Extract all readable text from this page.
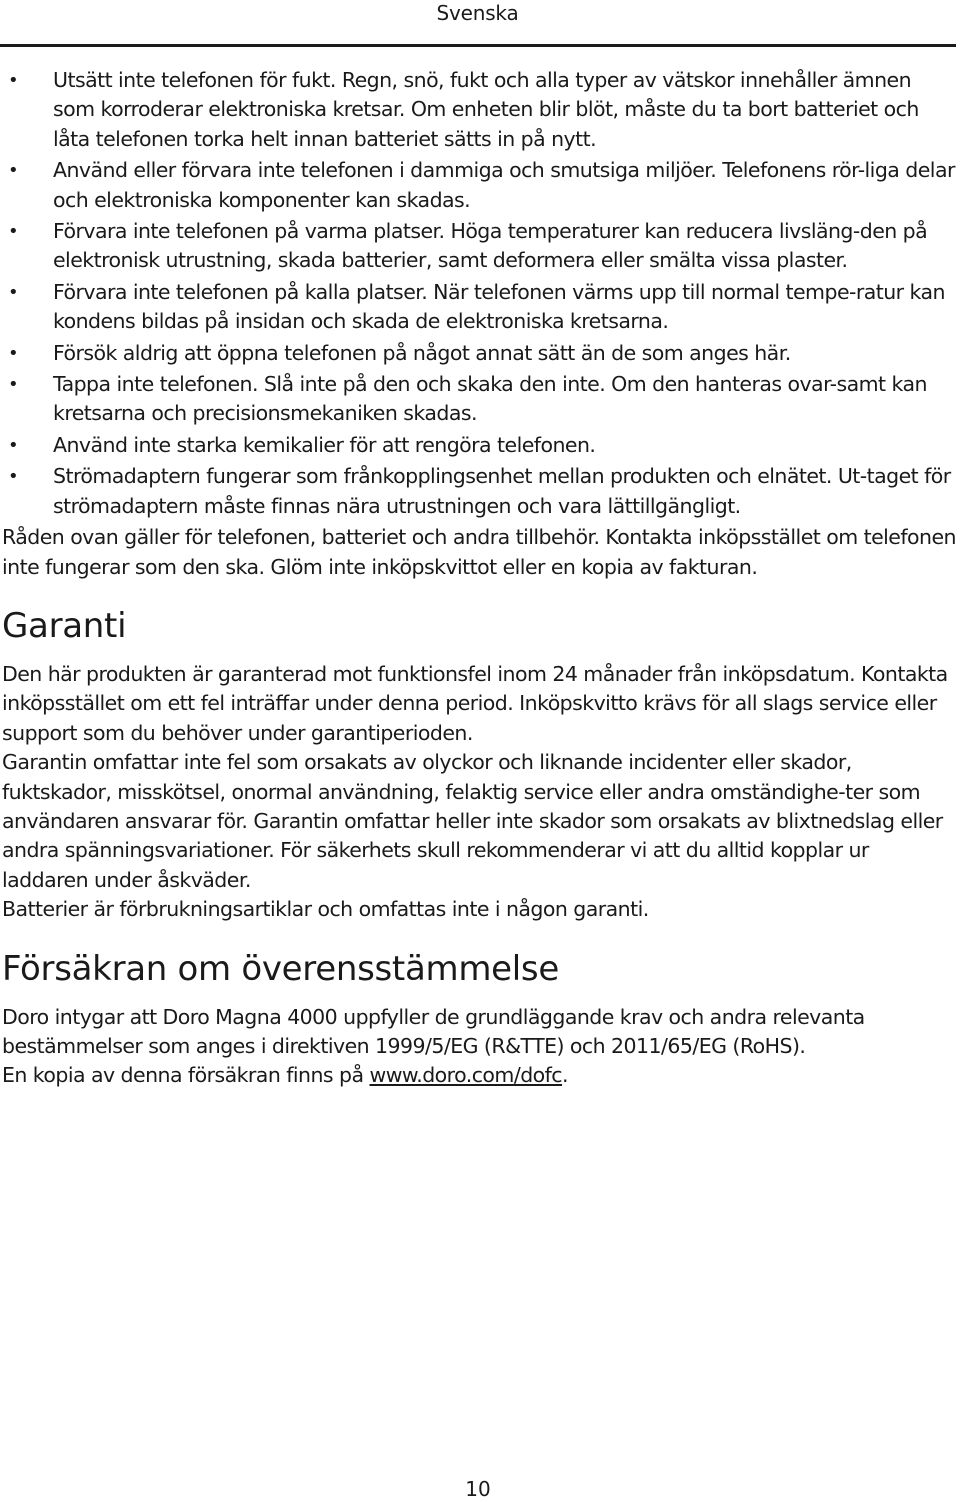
Svenska
• Utsätt inte telefonen för fukt. Regn, snö, fukt och alla typer av vätskor innehåller ämnen som korroderar elektroniska kretsar. Om enheten blir blöt, måste du ta bort batteriet och låta telefonen torka helt innan batteriet sätts in på nytt.
• Använd eller förvara inte telefonen i dammiga och smutsiga miljöer. Telefonens rör-liga delar och elektroniska komponenter kan skadas.
• Förvara inte telefonen på varma platser. Höga temperaturer kan reducera livsläng-den på elektronisk utrustning, skada batterier, samt deformera eller smälta vissa plaster.
• Förvara inte telefonen på kalla platser. När telefonen värms upp till normal tempe-ratur kan kondens bildas på insidan och skada de elektroniska kretsarna.
• Försök aldrig att öppna telefonen på något annat sätt än de som anges här.
• Tappa inte telefonen. Slå inte på den och skaka den inte. Om den hanteras ovar-samt kan kretsarna och precisionsmekaniken skadas.
• Använd inte starka kemikalier för att rengöra telefonen.
• Strömadaptern fungerar som frånkopplingsenhet mellan produkten och elnätet. Ut-taget för strömadaptern måste finnas nära utrustningen och vara lättillgängligt.

Råden ovan gäller för telefonen, batteriet och andra tillbehör. Kontakta inköpsstället om telefonen inte fungerar som den ska. Glöm inte inköpskvittot eller en kopia av fakturan.

Garanti

Den här produkten är garanterad mot funktionsfel inom 24 månader från inköpsdatum. Kontakta inköpsstället om ett fel inträffar under denna period. Inköpskvitto krävs för all slags service eller support som du behöver under garantiperioden.

Garantin omfattar inte fel som orsakats av olyckor och liknande incidenter eller skador, fuktskador, misskötsel, onormal användning, felaktig service eller andra omständighe-ter som användaren ansvarar för. Garantin omfattar heller inte skador som orsakats av blixtnedslag eller andra spänningsvariationer. För säkerhets skull rekommenderar vi att du alltid kopplar ur laddaren under åskväder.

Batterier är förbrukningsartiklar och omfattas inte i någon garanti.

Försäkran om överensstämmelse

Doro intygar att Doro Magna 4000 uppfyller de grundläggande krav och andra relevanta bestämmelser som anges i direktiven 1999/5/EG (R&TTE) och 2011/65/EG (RoHS).

En kopia av denna försäkran finns på www.doro.com/dofc.

10
